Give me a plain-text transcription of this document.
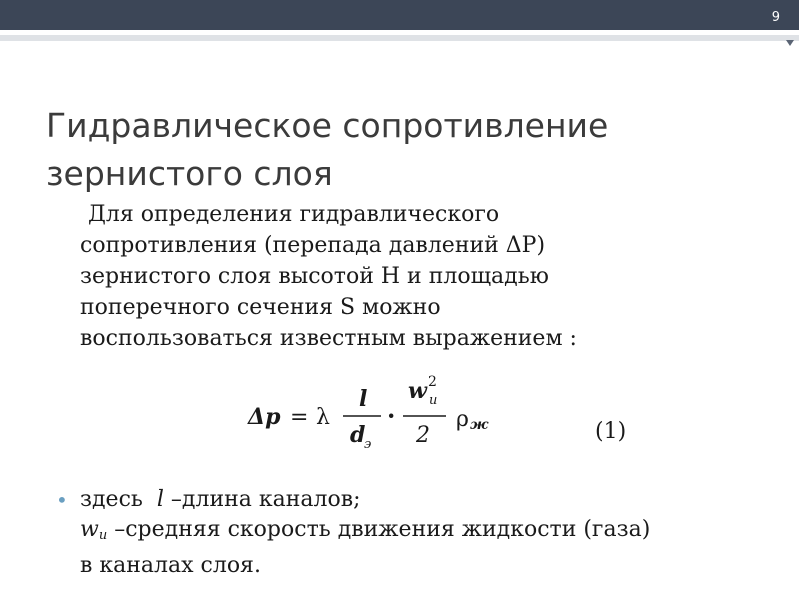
9
Гидравлическое сопротивление
зернистого слоя
Для определения гидравлического
сопротивления (перепада давлений ΔP)
зернистого слоя высотой H и площадью
поперечного сечения S можно
воспользоваться известным выражением :
Δp = λ
l
d
э
·
w 2
и
2
ρ ж	(1)
• здесь l –длина каналов;
$w_и$ –средняя скорость движения жидкости (газа)
в каналах слоя.
